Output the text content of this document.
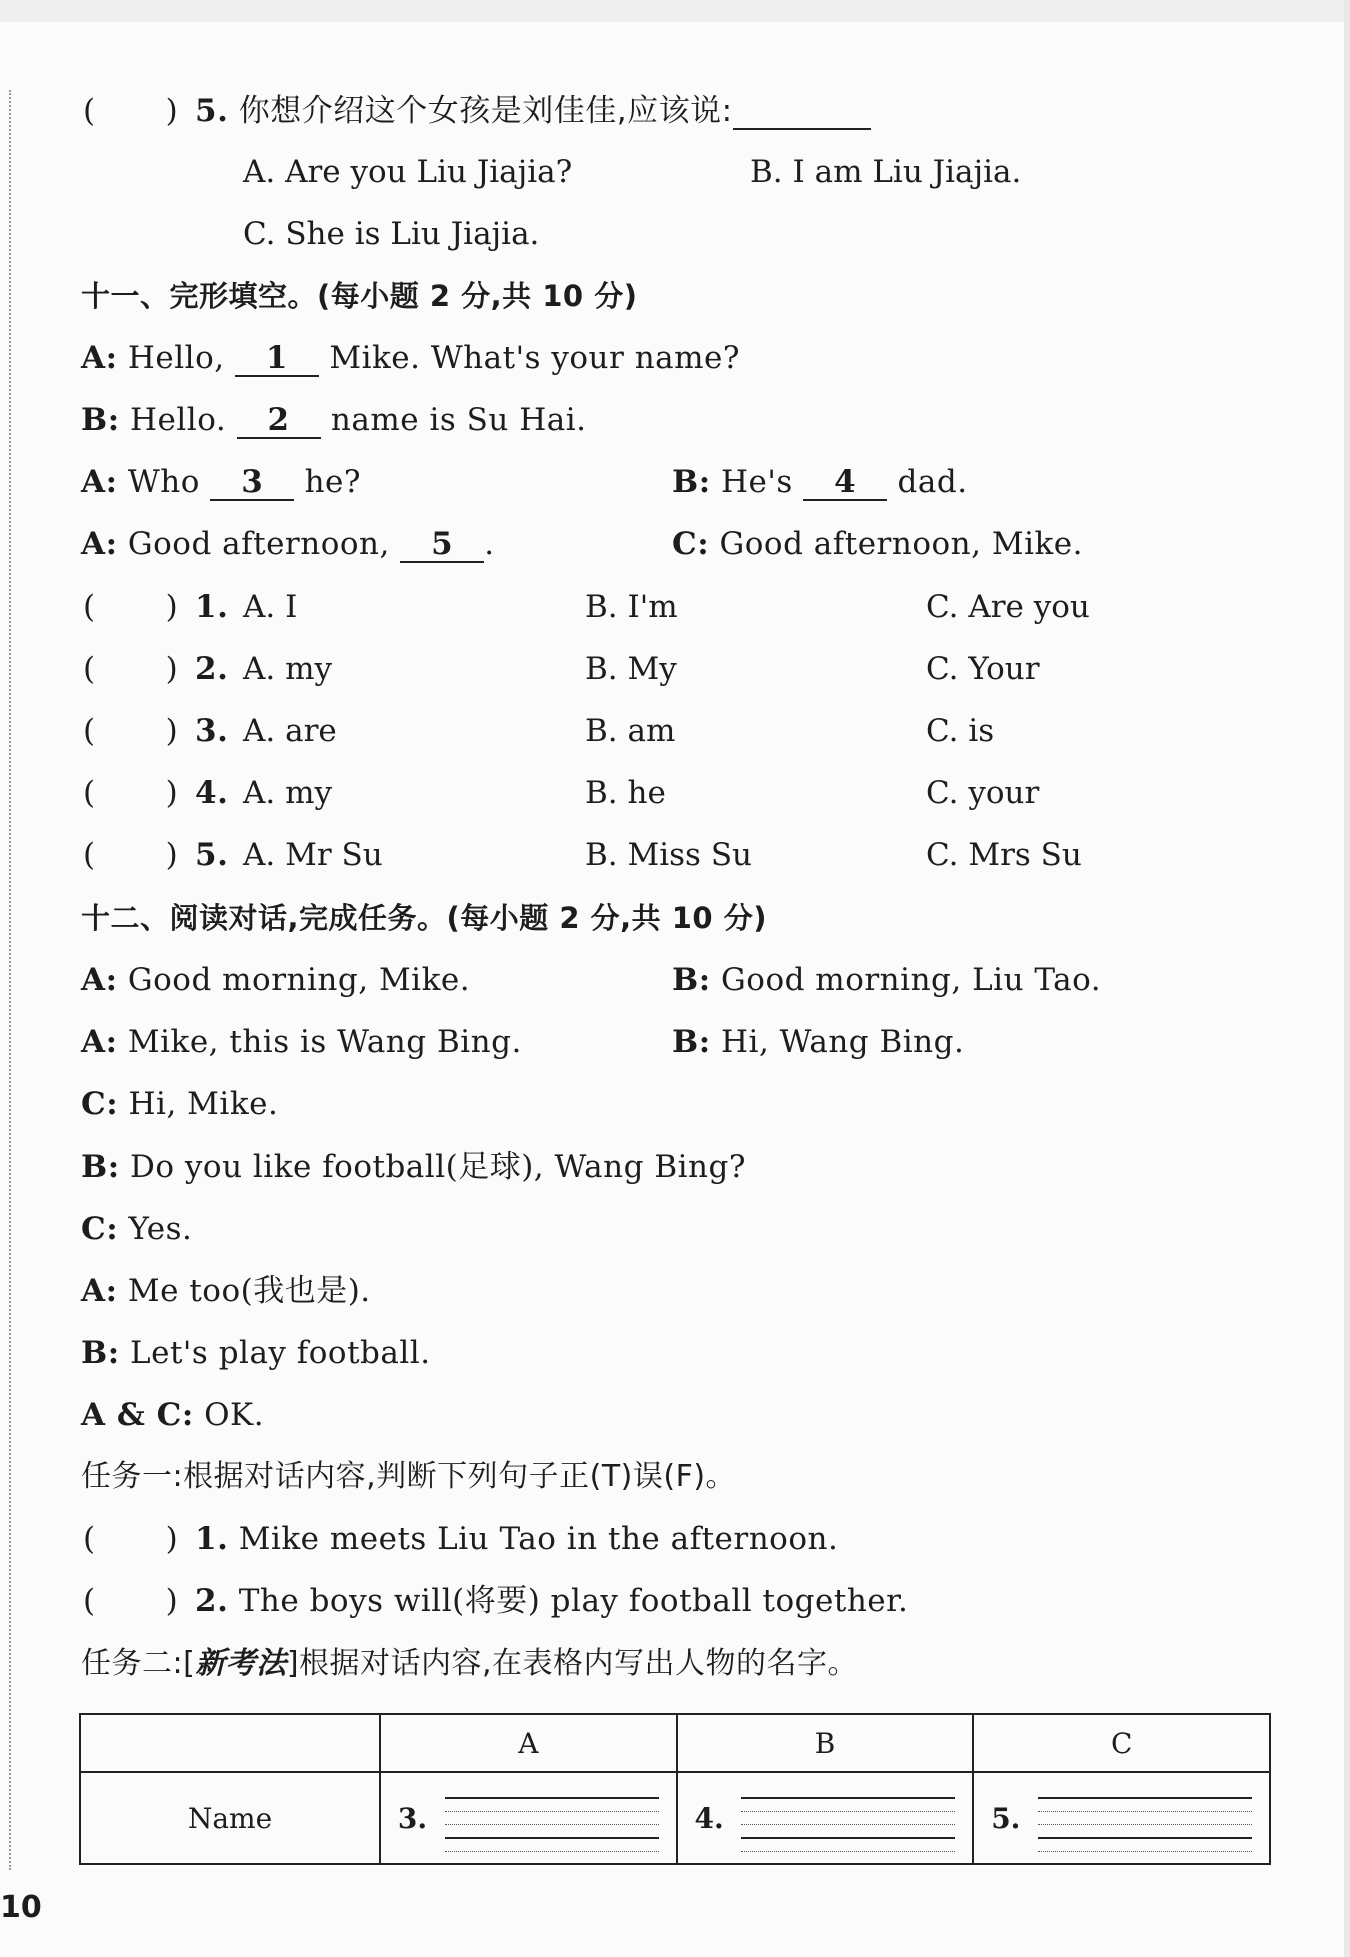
( ) 5. 你想介绍这个女孩是刘佳佳,应该说:
A. Are you Liu Jiajia?	B. I am Liu Jiajia.
C. She is Liu Jiajia.
十一、完形填空。(每小题 2 分,共 10 分)
A: Hello, 1 Mike. What's your name?
B: Hello. 2 name is Su Hai.
A: Who 3 he?	B: He's 4 dad.
A: Good afternoon, 5 .	C: Good afternoon, Mike.
( ) 1. A. I	B. I'm	C. Are you
( ) 2. A. my	B. My	C. Your
( ) 3. A. are	B. am	C. is
( ) 4. A. my	B. he	C. your
( ) 5. A. Mr Su	B. Miss Su	C. Mrs Su
十二、阅读对话,完成任务。(每小题 2 分,共 10 分)
A: Good morning, Mike.	B: Good morning, Liu Tao.
A: Mike, this is Wang Bing.	B: Hi, Wang Bing.
C: Hi, Mike.
B: Do you like football(足球), Wang Bing?
C: Yes.
A: Me too(我也是).
B: Let's play football.
A & C: OK.
任务一:根据对话内容,判断下列句子正(T)误(F)。
( ) 1. Mike meets Liu Tao in the afternoon.
( ) 2. The boys will(将要) play football together.
任务二:[新考法]根据对话内容,在表格内写出人物的名字。
	A	B	C
Name	3.	4.	5.
10
